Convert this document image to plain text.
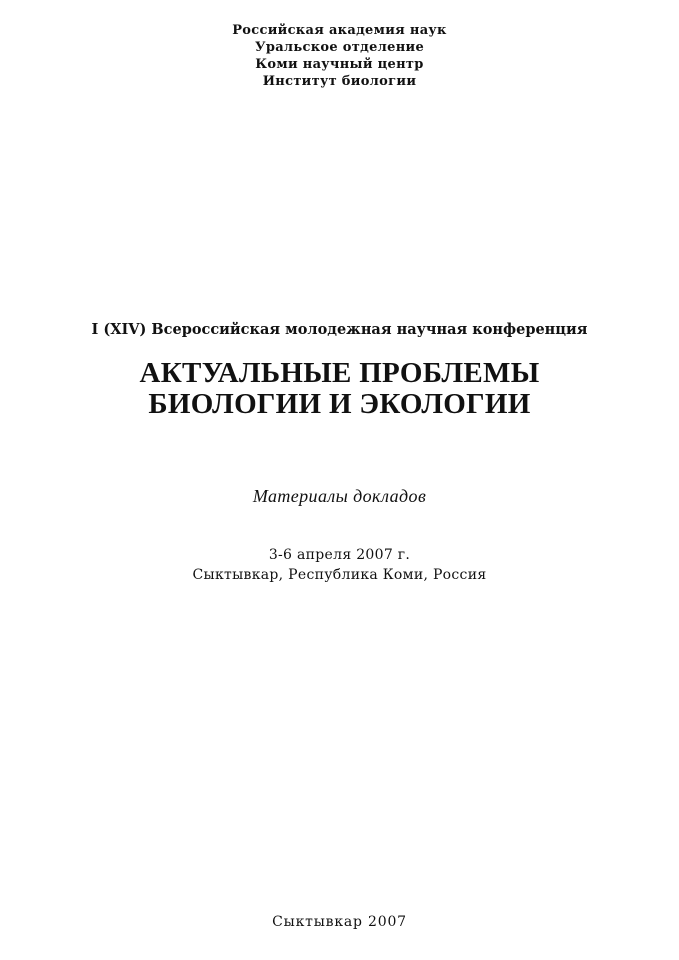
Российская академия наук
Уральское отделение
Коми научный центр
Институт биологии
I (XIV) Всероссийская молодежная научная конференция
АКТУАЛЬНЫЕ ПРОБЛЕМЫ
БИОЛОГИИ И ЭКОЛОГИИ
Материалы докладов
3-6 апреля 2007 г.
Сыктывкар, Республика Коми, Россия
Сыктывкар 2007
